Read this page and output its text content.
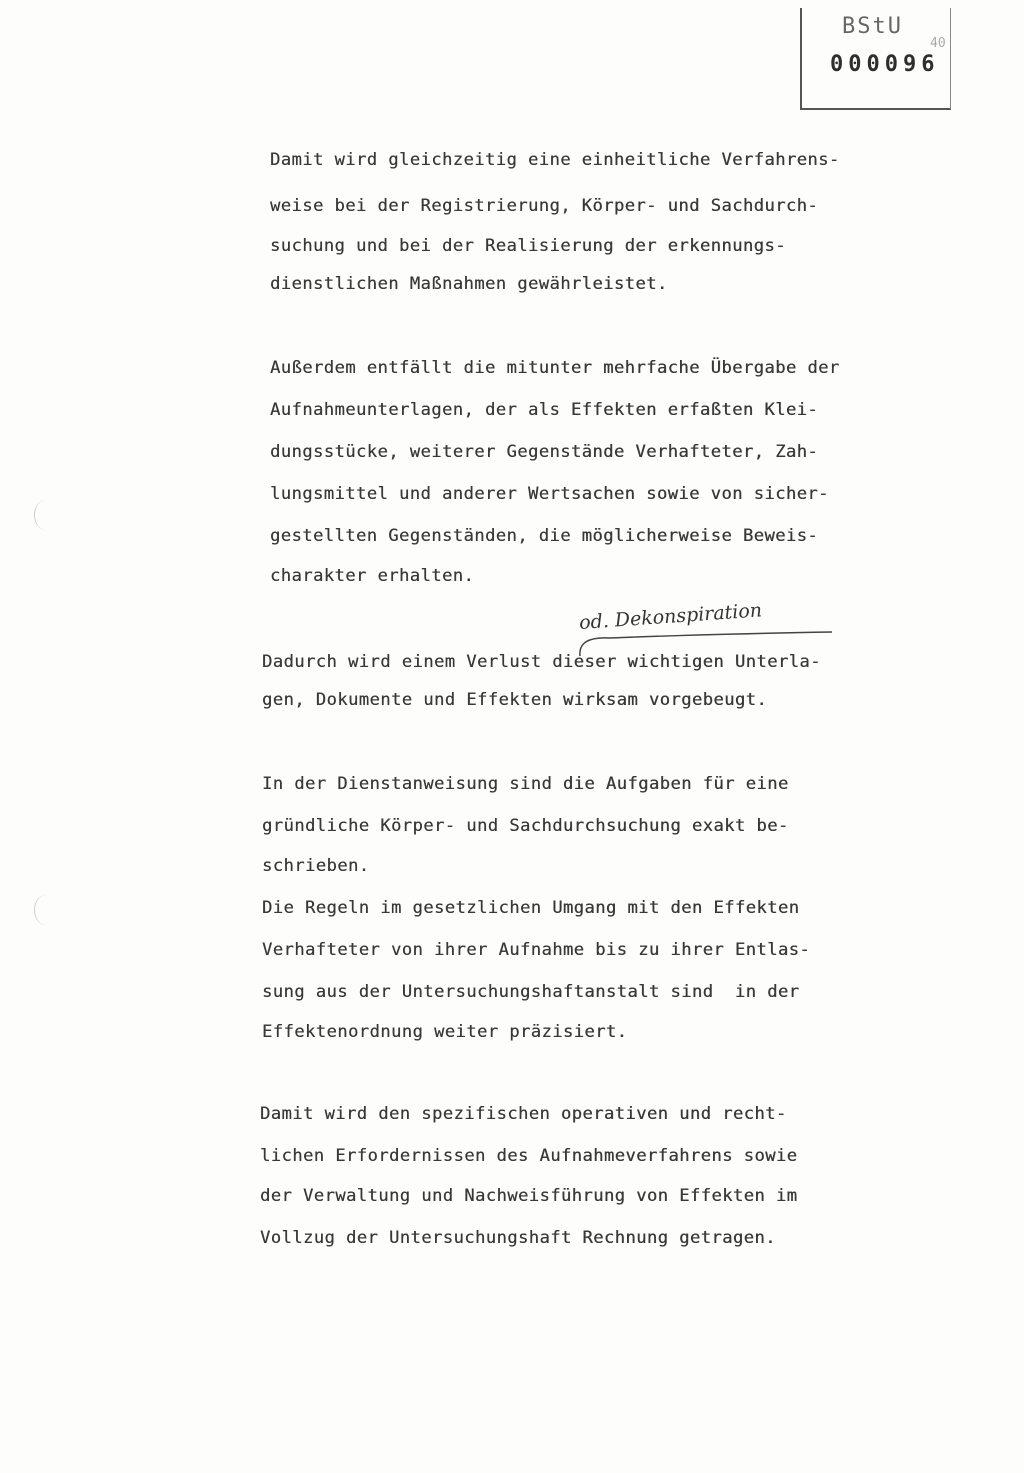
BStU
40
000096
Damit wird gleichzeitig eine einheitliche Verfahrens-
weise bei der Registrierung, Körper- und Sachdurch-
suchung und bei der Realisierung der erkennungs-
dienstlichen Maßnahmen gewährleistet.
Außerdem entfällt die mitunter mehrfache Übergabe der
Aufnahmeunterlagen, der als Effekten erfaßten Klei-
dungsstücke, weiterer Gegenstände Verhafteter, Zah-
lungsmittel und anderer Wertsachen sowie von sicher-
gestellten Gegenständen, die möglicherweise Beweis-
charakter erhalten.
od. Dekonspiration
Dadurch wird einem Verlust dieser wichtigen Unterla-
gen, Dokumente und Effekten wirksam vorgebeugt.
In der Dienstanweisung sind die Aufgaben für eine
gründliche Körper- und Sachdurchsuchung exakt be-
schrieben.
Die Regeln im gesetzlichen Umgang mit den Effekten
Verhafteter von ihrer Aufnahme bis zu ihrer Entlas-
sung aus der Untersuchungshaftanstalt sind  in der
Effektenordnung weiter präzisiert.
Damit wird den spezifischen operativen und recht-
lichen Erfordernissen des Aufnahmeverfahrens sowie
der Verwaltung und Nachweisführung von Effekten im
Vollzug der Untersuchungshaft Rechnung getragen.
